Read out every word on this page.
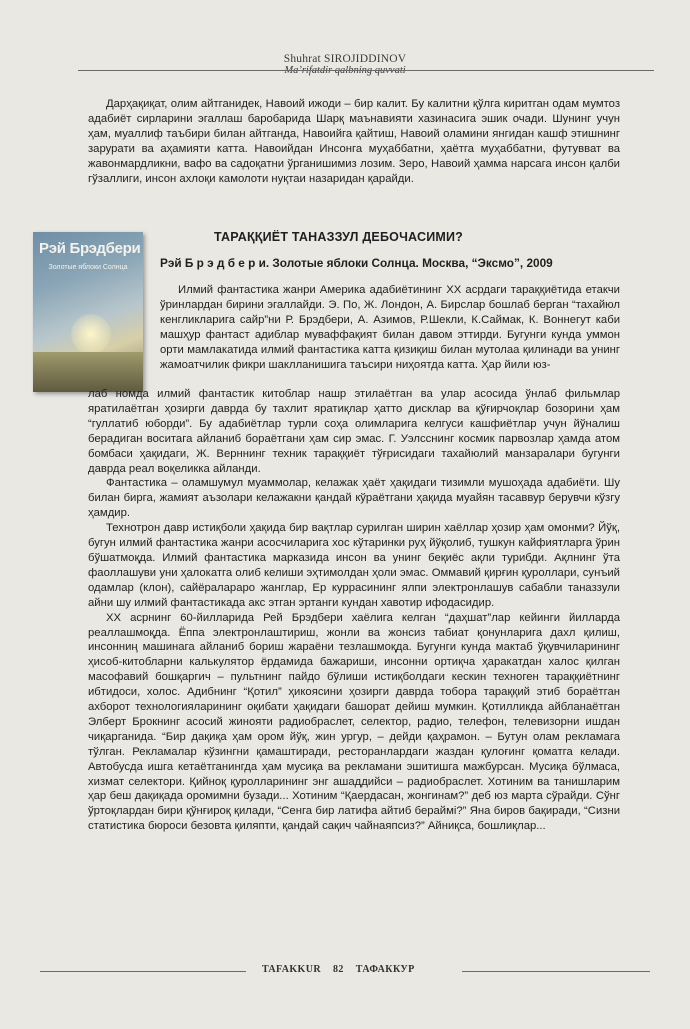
Shuhrat SIROJIDDINOV
Ma’rifatdir qalbning quvvati

Дарҳақиқат, олим айтганидек, Навоий ижоди – бир калит. Бу калитни қўлга киритган одам мумтоз адабиёт сирларини эгаллаш баробарида Шарқ маънавияти хазинасига эшик очади. Шунинг учун ҳам, муаллиф таъбири билан айтганда, Навоийга қайтиш, Навоий оламини янгидан кашф этишнинг зарурати ва аҳамияти катта. Навоийдан Инсонга муҳаббатни, ҳаётга муҳаббатни, футувват ва жавонмардликни, вафо ва садоқатни ўрганишимиз лозим. Зеро, Навоий ҳамма нарсага инсон қалби гўзаллиги, инсон ахлоқи камолоти нуқтаи назаридан қарайди.

Рэй Брэдбери
Золотые яблоки Солнца
ТАРАҚҚИЁТ ТАНАЗЗУЛ ДЕБОЧАСИМИ?
Рэй Б р э д б е р и. Золотые яблоки Солнца. Москва, “Эксмо”, 2009

Илмий фантастика жанри Америка адабиётининг ХХ асрдаги тараққиётида етакчи ўринлардан бирини эгаллайди. Э. По, Ж. Лондон, А. Бирслар бошлаб берган “тахайюл кенгликларига сайр”ни Р. Брэдбери, А. Азимов, Р.Шекли, К.Саймак, К. Воннегут каби машҳур фантаст адиблар муваффақият билан давом эттирди. Бугунги кунда уммон орти мамлакатида илмий фантастика катта қизиқиш билан мутолаа қилинади ва унинг жамоатчилик фикри шаклланишига таъсири ниҳоятда катта. Ҳар йили юз-

лаб номда илмий фантастик китоблар нашр этилаётган ва улар асосида ўнлаб фильмлар яратилаётган ҳозирги даврда бу тахлит яратиқлар ҳатто дисклар ва қўғирчоқлар бозорини ҳам “гуллатиб юборди”. Бу адабиётлар турли соҳа олимларига келгуси кашфиётлар учун йўналиш берадиган воситага айланиб бораётгани ҳам сир эмас. Г. Уэлсснинг космик парвозлар ҳамда атом бомбаси ҳақидаги, Ж. Верннинг техник тараққиёт тўғрисидаги тахайюлий манзаралари бугунги даврда реал воқеликка айланди.

Фантастика – оламшумул муаммолар, келажак ҳаёт ҳақидаги тизимли мушоҳада адабиёти. Шу билан бирга, жамият аъзолари келажакни қандай кўраётгани ҳақида муайян тасаввур берувчи кўзгу ҳамдир.

Технотрон давр истиқболи ҳақида бир вақтлар сурилган ширин хаёллар ҳозир ҳам омонми? Йўқ, бугун илмий фантастика жанри асосчиларига хос кўтаринки руҳ йўқолиб, тушкун кайфиятларга ўрин бўшатмоқда. Илмий фантастика марказида инсон ва унинг беқиёс ақли турибди. Ақлнинг ўта фаоллашуви уни ҳалокатга олиб келиши эҳтимолдан ҳоли эмас. Оммавий қирғин қуроллари, сунъий одамлар (клон), сайёралараро жанглар, Ер куррасининг ялпи электронлашув сабабли таназзули айни шу илмий фантастикада акс этган эртанги кундан хавотир ифодасидир.

ХХ асрнинг 60-йилларида Рей Брэдбери хаёлига келган “даҳшат”лар кейинги йилларда реаллашмоқда. Ёппа электронлаштириш, жонли ва жонсиз табиат қонунларига дахл қилиш, инсонниң машинага айланиб бориш жараёни тезлашмоқда. Бугунги кунда мактаб ўқувчиларининг ҳисоб-китобларни калькулятор ёрдамида бажариши, инсонни ортиқча ҳаракатдан халос қилган масофавий бошқаргич – пультнинг пайдо бўлиши истиқболдаги кескин техноген тараққиётнинг ибтидоси, холос. Адибнинг “Қотил” ҳикоясини ҳозирги даврда тобора тараққий этиб бораётган ахборот технологияларининг оқибати ҳақидаги башорат дейиш мумкин. Қотилликда айбланаётган Элберт Брокнинг асосий жинояти радиобраслет, селектор, радио, телефон, телевизорни ишдан чиқарганида. “Бир дақиқа ҳам ором йўқ, жин ургур, – дейди қаҳрамон. – Бутун олам рекламага тўлган. Рекламалар кўзингни қамаштиради, ресторанлардаги жаздан қулоғинг қоматга келади. Автобусда ишга кетаётганингда ҳам мусиқа ва рекламани эшитишга мажбурсан. Мусиқа бўлмаса, хизмат селектори. Қийноқ қуролларининг энг ашаддийси – радиобраслет. Хотиним ва танишларим ҳар беш дақиқада оромимни бузади... Хотиним “Қаердасан, жонгинам?” деб юз марта сўрайди. Сўнг ўртоқлардан бири қўнғироқ қилади, “Сенга бир латифа айтиб бераймi?” Яна биров бақиради, “Сизни статистика бюроси безовта қиляпти, қандай сақич чайнаяпсиз?” Айниқса, бошлиқлар...

TAFAKKUR 82 ТАФАККУР
